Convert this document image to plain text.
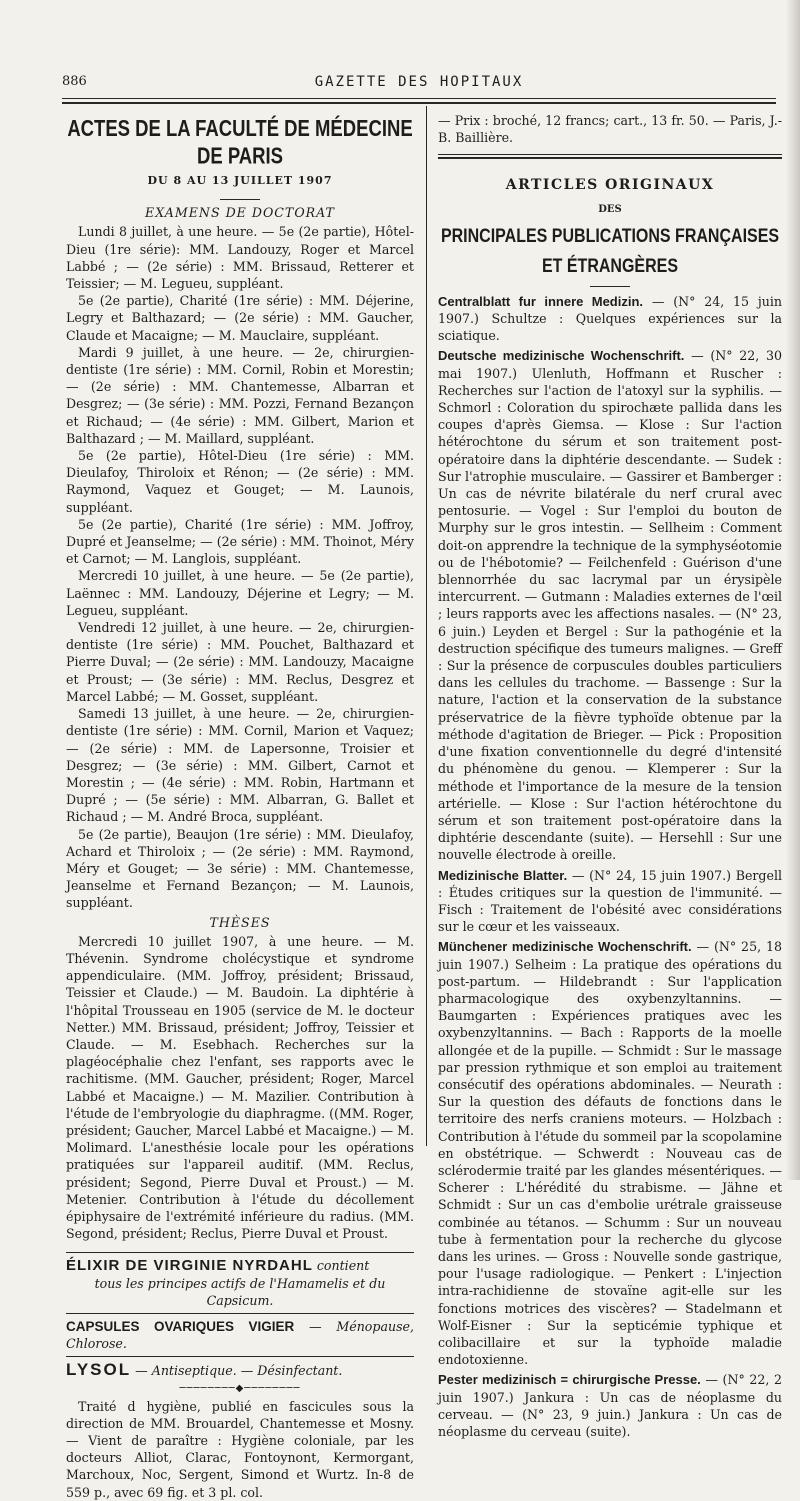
886	GAZETTE DES HOPITAUX
ACTES DE LA FACULTÉ DE MÉDECINE DE PARIS
DU 8 AU 13 JUILLET 1907
EXAMENS DE DOCTORAT

Lundi 8 juillet, à une heure. — 5e (2e partie), Hôtel-Dieu (1re série): MM. Landouzy, Roger et Marcel Labbé ; — (2e série) : MM. Brissaud, Retterer et Teissier; — M. Legueu, suppléant.

5e (2e partie), Charité (1re série) : MM. Déjerine, Legry et Balthazard; — (2e série) : MM. Gaucher, Claude et Macaigne; — M. Mauclaire, suppléant.

Mardi 9 juillet, à une heure. — 2e, chirurgien-dentiste (1re série) : MM. Cornil, Robin et Morestin; — (2e série) : MM. Chantemesse, Albarran et Desgrez; — (3e série) : MM. Pozzi, Fernand Bezançon et Richaud; — (4e série) : MM. Gilbert, Marion et Balthazard ; — M. Maillard, suppléant.

5e (2e partie), Hôtel-Dieu (1re série) : MM. Dieulafoy, Thiroloix et Rénon; — (2e série) : MM. Raymond, Vaquez et Gouget; — M. Launois, suppléant.

5e (2e partie), Charité (1re série) : MM. Joffroy, Dupré et Jeanselme; — (2e série) : MM. Thoinot, Méry et Carnot; — M. Langlois, suppléant.

Mercredi 10 juillet, à une heure. — 5e (2e partie), Laënnec : MM. Landouzy, Déjerine et Legry; — M. Legueu, suppléant.

Vendredi 12 juillet, à une heure. — 2e, chirurgien-dentiste (1re série) : MM. Pouchet, Balthazard et Pierre Duval; — (2e série) : MM. Landouzy, Macaigne et Proust; — (3e série) : MM. Reclus, Desgrez et Marcel Labbé; — M. Gosset, suppléant.

Samedi 13 juillet, à une heure. — 2e, chirurgien-dentiste (1re série) : MM. Cornil, Marion et Vaquez; — (2e série) : MM. de Lapersonne, Troisier et Desgrez; — (3e série) : MM. Gilbert, Carnot et Morestin ; — (4e série) : MM. Robin, Hartmann et Dupré ; — (5e série) : MM. Albarran, G. Ballet et Richaud ; — M. André Broca, suppléant.

5e (2e partie), Beaujon (1re série) : MM. Dieulafoy, Achard et Thiroloix ; — (2e série) : MM. Raymond, Méry et Gouget; — 3e série) : MM. Chantemesse, Jeanselme et Fernand Bezançon; — M. Launois, suppléant.

THÈSES

Mercredi 10 juillet 1907, à une heure. — M. Thévenin. Syndrome cholécystique et syndrome appendiculaire. (MM. Joffroy, président; Brissaud, Teissier et Claude.) — M. Baudoin. La diphtérie à l'hôpital Trousseau en 1905 (service de M. le docteur Netter.) MM. Brissaud, président; Joffroy, Teissier et Claude. — M. Esebhach. Recherches sur la plagéocéphalie chez l'enfant, ses rapports avec le rachitisme. (MM. Gaucher, président; Roger, Marcel Labbé et Macaigne.) — M. Mazilier. Contribution à l'étude de l'embryologie du diaphragme. ((MM. Roger, président; Gaucher, Marcel Labbé et Macaigne.) — M. Molimard. L'anesthésie locale pour les opérations pratiquées sur l'appareil auditif. (MM. Reclus, président; Segond, Pierre Duval et Proust.) — M. Metenier. Contribution à l'étude du décollement épiphysaire de l'extrémité inférieure du radius. (MM. Segond, président; Reclus, Pierre Duval et Proust.

ÉLIXIR DE VIRGINIE NYRDAHL contient
tous les principes actifs de l'Hamamelis et du Capsicum.
CAPSULES OVARIQUES VIGIER — Ménopause, Chlorose.
LYSOL — Antiseptique. — Désinfectant.
────────◆────────

Traité d hygiène, publié en fascicules sous la direction de MM. Brouardel, Chantemesse et Mosny. — Vient de paraître : Hygiène coloniale, par les docteurs Alliot, Clarac, Fontoynont, Kermorgant, Marchoux, Noc, Sergent, Simond et Wurtz. In-8 de 559 p., avec 69 fig. et 3 pl. col.

— Prix : broché, 12 francs; cart., 13 fr. 50. — Paris, J.-B. Baillière.

ARTICLES ORIGINAUX
DES
PRINCIPALES PUBLICATIONS FRANÇAISES
ET ÉTRANGÈRES

Centralblatt fur innere Medizin. — (N° 24, 15 juin 1907.) Schultze : Quelques expériences sur la sciatique.

Deutsche medizinische Wochenschrift. — (N° 22, 30 mai 1907.) Ulenluth, Hoffmann et Ruscher : Recherches sur l'action de l'atoxyl sur la syphilis. — Schmorl : Coloration du spirochæte pallida dans les coupes d'après Giemsa. — Klose : Sur l'action hétérochtone du sérum et son traitement post-opératoire dans la diphtérie descendante. — Sudek : Sur l'atrophie musculaire. — Gassirer et Bamberger : Un cas de névrite bilatérale du nerf crural avec pentosurie. — Vogel : Sur l'emploi du bouton de Murphy sur le gros intestin. — Sellheim : Comment doit-on apprendre la technique de la symphyséotomie ou de l'hébotomie? — Feilchenfeld : Guérison d'une blennorrhée du sac lacrymal par un érysipèle intercurrent. — Gutmann : Maladies externes de l'œil ; leurs rapports avec les affections nasales. — (N° 23, 6 juin.) Leyden et Bergel : Sur la pathogénie et la destruction spécifique des tumeurs malignes. — Greff : Sur la présence de corpuscules doubles particuliers dans les cellules du trachome. — Bassenge : Sur la nature, l'action et la conservation de la substance préservatrice de la fièvre typhoïde obtenue par la méthode d'agitation de Brieger. — Pick : Proposition d'une fixation conventionnelle du degré d'intensité du phénomène du genou. — Klemperer : Sur la méthode et l'importance de la mesure de la tension artérielle. — Klose : Sur l'action hétérochtone du sérum et son traitement post-opératoire dans la diphtérie descendante (suite). — Hersehll : Sur une nouvelle électrode à oreille.

Medizinische Blatter. — (N° 24, 15 juin 1907.) Bergell : Études critiques sur la question de l'immunité. — Fisch : Traitement de l'obésité avec considérations sur le cœur et les vaisseaux.

Münchener medizinische Wochenschrift. — (N° 25, 18 juin 1907.) Selheim : La pratique des opérations du post-partum. — Hildebrandt : Sur l'application pharmacologique des oxybenzyltannins. — Baumgarten : Expériences pratiques avec les oxybenzyltannins. — Bach : Rapports de la moelle allongée et de la pupille. — Schmidt : Sur le massage par pression rythmique et son emploi au traitement consécutif des opérations abdominales. — Neurath : Sur la question des défauts de fonctions dans le territoire des nerfs craniens moteurs. — Holzbach : Contribution à l'étude du sommeil par la scopolamine en obstétrique. — Schwerdt : Nouveau cas de sclérodermie traité par les glandes mésentériques. — Scherer : L'hérédité du strabisme. — Jähne et Schmidt : Sur un cas d'embolie urétrale graisseuse combinée au tétanos. — Schumm : Sur un nouveau tube à fermentation pour la recherche du glycose dans les urines. — Gross : Nouvelle sonde gastrique, pour l'usage radiologique. — Penkert : L'injection intra-rachidienne de stovaïne agit-elle sur les fonctions motrices des viscères? — Stadelmann et Wolf-Eisner : Sur la septicémie typhique et colibacillaire et sur la typhoïde maladie endotoxienne.

Pester medizinisch = chirurgische Presse. — (N° 22, 2 juin 1907.) Jankura : Un cas de néoplasme du cerveau. — (N° 23, 9 juin.) Jankura : Un cas de néoplasme du cerveau (suite).
